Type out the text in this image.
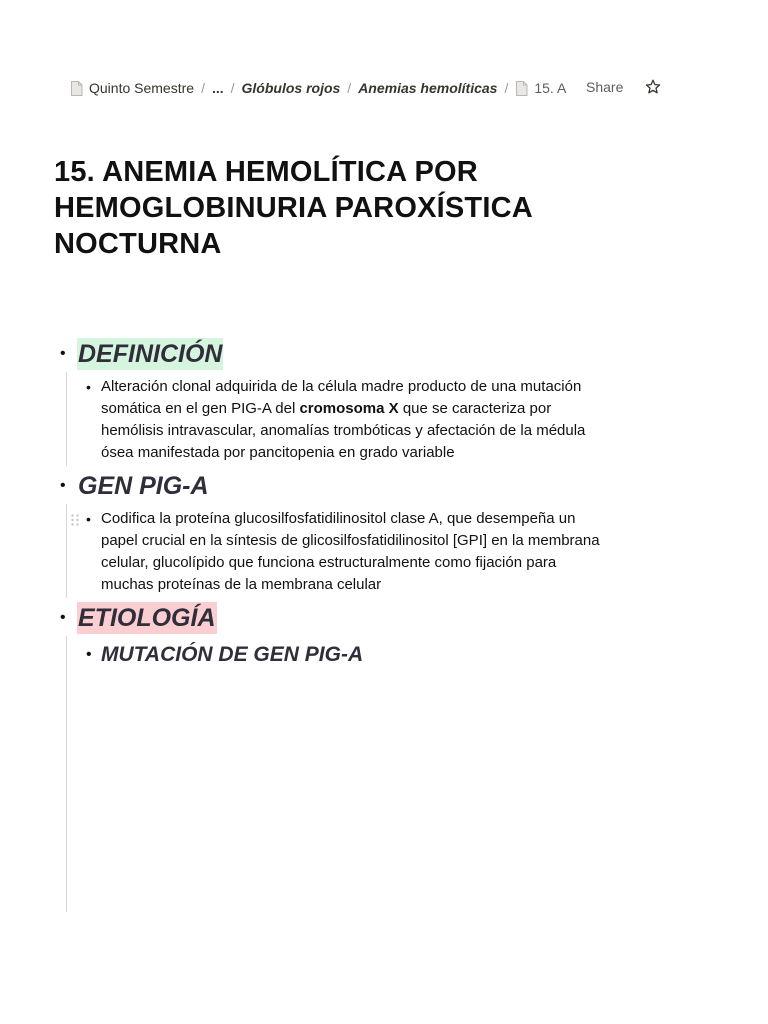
Quinto Semestre / ... / Glóbulos rojos / Anemias hemolíticas / 15. A Share
15. ANEMIA HEMOLÍTICA POR HEMOGLOBINURIA PAROXÍSTICA NOCTURNA
• DEFINICIÓN
• Alteración clonal adquirida de la célula madre producto de una mutación somática en el gen PIG-A del cromosoma X que se caracteriza por hemólisis intravascular, anomalías trombóticas y afectación de la médula ósea manifestada por pancitopenia en grado variable
• GEN PIG-A
• Codifica la proteína glucosilfosfatidilinositol clase A, que desempeña un papel crucial en la síntesis de glicosilfosfatidilinositol [GPI] en la membrana celular, glucolípido que funciona estructuralmente como fijación para muchas proteínas de la membrana celular
• ETIOLOGÍA
• MUTACIÓN DE GEN PIG-A
